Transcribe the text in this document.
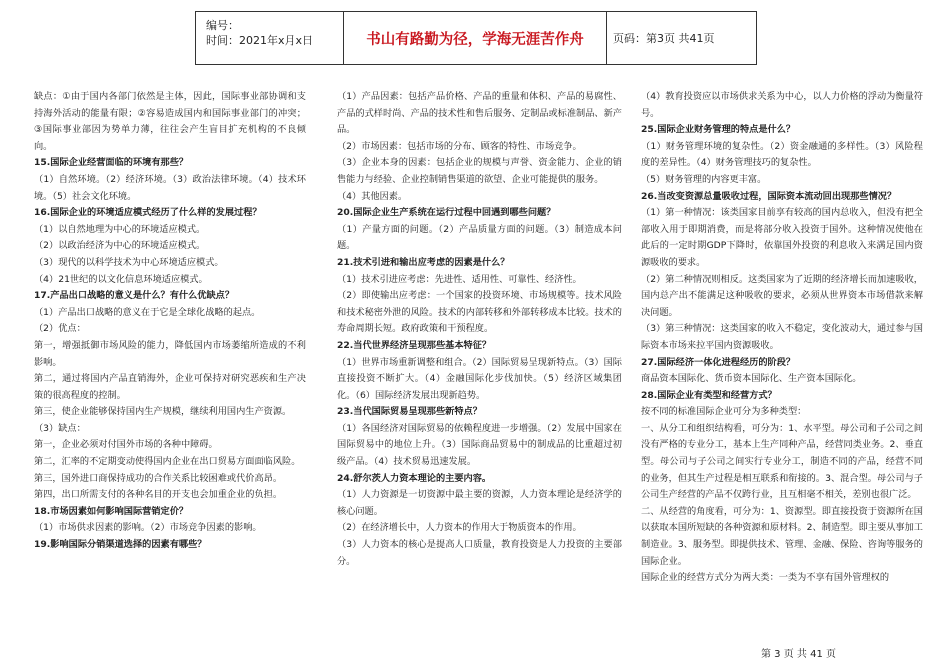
编号：
时间：2021年x月x日	书山有路勤为径，学海无涯苦作舟	页码：第3页 共41页

缺点：①由于国内各部门依然是主体，因此，国际事业部协调和支持海外活动的能量有限；②容易造成国内和国际事业部门的冲突；③国际事业部因为势单力薄，往往会产生盲目扩充机构的不良倾向。

15.国际企业经营面临的环境有那些？

（1）自然环境。（2）经济环境。（3）政治法律环境。（4）技术环境。（5）社会文化环境。

16.国际企业的环境适应模式经历了什么样的发展过程？

（1）以自然地理为中心的环境适应模式。

（2）以政治经济为中心的环境适应模式。

（3）现代的以科学技术为中心环境适应模式。

（4）21世纪的以文化信息环境适应模式。

17.产品出口战略的意义是什么？有什么优缺点？

（1）产品出口战略的意义在于它是全球化战略的起点。

（2）优点：

第一，增强抵御市场风险的能力，降低国内市场萎缩所造成的不利影响。

第二，通过将国内产品直销海外，企业可保持对研究恶疾和生产决策的很高程度的控制。

第三，使企业能够保持国内生产规模，继续利用国内生产资源。

（3）缺点：

第一，企业必须对付国外市场的各种中障碍。

第二，汇率的不定期变动使得国内企业在出口贸易方面面临风险。

第三，国外进口商保持成功的合作关系比较困难或代价高昂。

第四，出口所需支付的各种名目的开支也会加重企业的负担。

18.市场因素如何影响国际营销定价？

（1）市场供求因素的影响。（2）市场竞争因素的影响。

19.影响国际分销渠道选择的因素有哪些？

（1）产品因素：包括产品价格、产品的重量和体积、产品的易腐性、产品的式样时尚、产品的技术性和售后服务、定制品或标准制品、新产品。

（2）市场因素：包括市场的分布、顾客的特性、市场竞争。

（3）企业本身的因素：包括企业的规模与声誉、资金能力、企业的销售能力与经验、企业控制销售渠道的欲望、企业可能提供的服务。

（4）其他因素。

20.国际企业生产系统在运行过程中回遇到哪些问题？

（1）产量方面的问题。（2）产品质量方面的问题。（3）制造成本问题。

21.技术引进和输出应考虑的因素是什么？

（1）技术引进应考虑：先进性、适用性、可靠性、经济性。

（2）即使输出应考虑：一个国家的投资环境、市场规模等。技术风险和技术秘密外泄的风险。技术的内部转移和外部转移成本比较。技术的寿命周期长短。政府政策和干预程度。

22.当代世界经济呈现那些基本特征？

（1）世界市场重新调整和组合。（2）国际贸易呈现新特点。（3）国际直接投资不断扩大。（4）金融国际化步伐加快。（5）经济区域集团化。（6）国际经济发展出现新趋势。

23.当代国际贸易呈现那些新特点？

（1）各国经济对国际贸易的依赖程度进一步增强。（2）发展中国家在国际贸易中的地位上升。（3）国际商品贸易中的制成品的比重超过初级产品。（4）技术贸易迅速发展。

24.舒尔茨人力资本理论的主要内容。

（1）人力资源是一切资源中最主要的资源，人力资本理论是经济学的核心问题。

（2）在经济增长中，人力资本的作用大于物质资本的作用。

（3）人力资本的核心是提高人口质量，教育投资是人力投资的主要部分。

（4）教育投资应以市场供求关系为中心，以人力价格的浮动为衡量符号。

25.国际企业财务管理的特点是什么？

（1）财务管理环境的复杂性。（2）资金融通的多样性。（3）风险程度的差异性。（4）财务管理技巧的复杂性。

（5）财务管理的内容更丰富。

26.当改变资源总量吸收过程，国际资本流动回出现那些情况？

（1）第一种情况：该类国家目前享有较高的国内总收入，但没有把全部收入用于即期消费，而是将部分收入投资于国外。这种情况使他在此后的一定时期GDP下降时，依靠国外投资的利息收入来满足国内资源吸收的要求。

（2）第二种情况则相反。这类国家为了近期的经济增长而加速吸收，国内总产出不能满足这种吸收的要求，必须从世界资本市场借款来解决问题。

（3）第三种情况：这类国家的收入不稳定，变化波动大，通过参与国际资本市场来拉平国内资源吸收。

27.国际经济一体化进程经历的阶段？

商品资本国际化、货币资本国际化、生产资本国际化。

28.国际企业有类型和经营方式？

按不同的标准国际企业可分为多种类型：

一、从分工和组织结构看，可分为：1、水平型。母公司和子公司之间没有严格的专业分工，基本上生产同种产品，经营同类业务。2、垂直型。母公司与子公司之间实行专业分工，制造不同的产品，经营不同的业务，但其生产过程是相互联系和衔接的。3、混合型。母公司与子公司生产经营的产品不仅跨行业，且互相毫不相关，差别也很广泛。

二、从经营的角度看，可分为：1、资源型。即直接投资于资源所在国以获取本国所短缺的各种资源和原材料。2、制造型。即主要从事加工制造业。3、服务型。即提供技术、管理、金融、保险、咨询等服务的国际企业。

国际企业的经营方式分为两大类：一类为不享有国外管理权的

第 3 页 共 41 页
